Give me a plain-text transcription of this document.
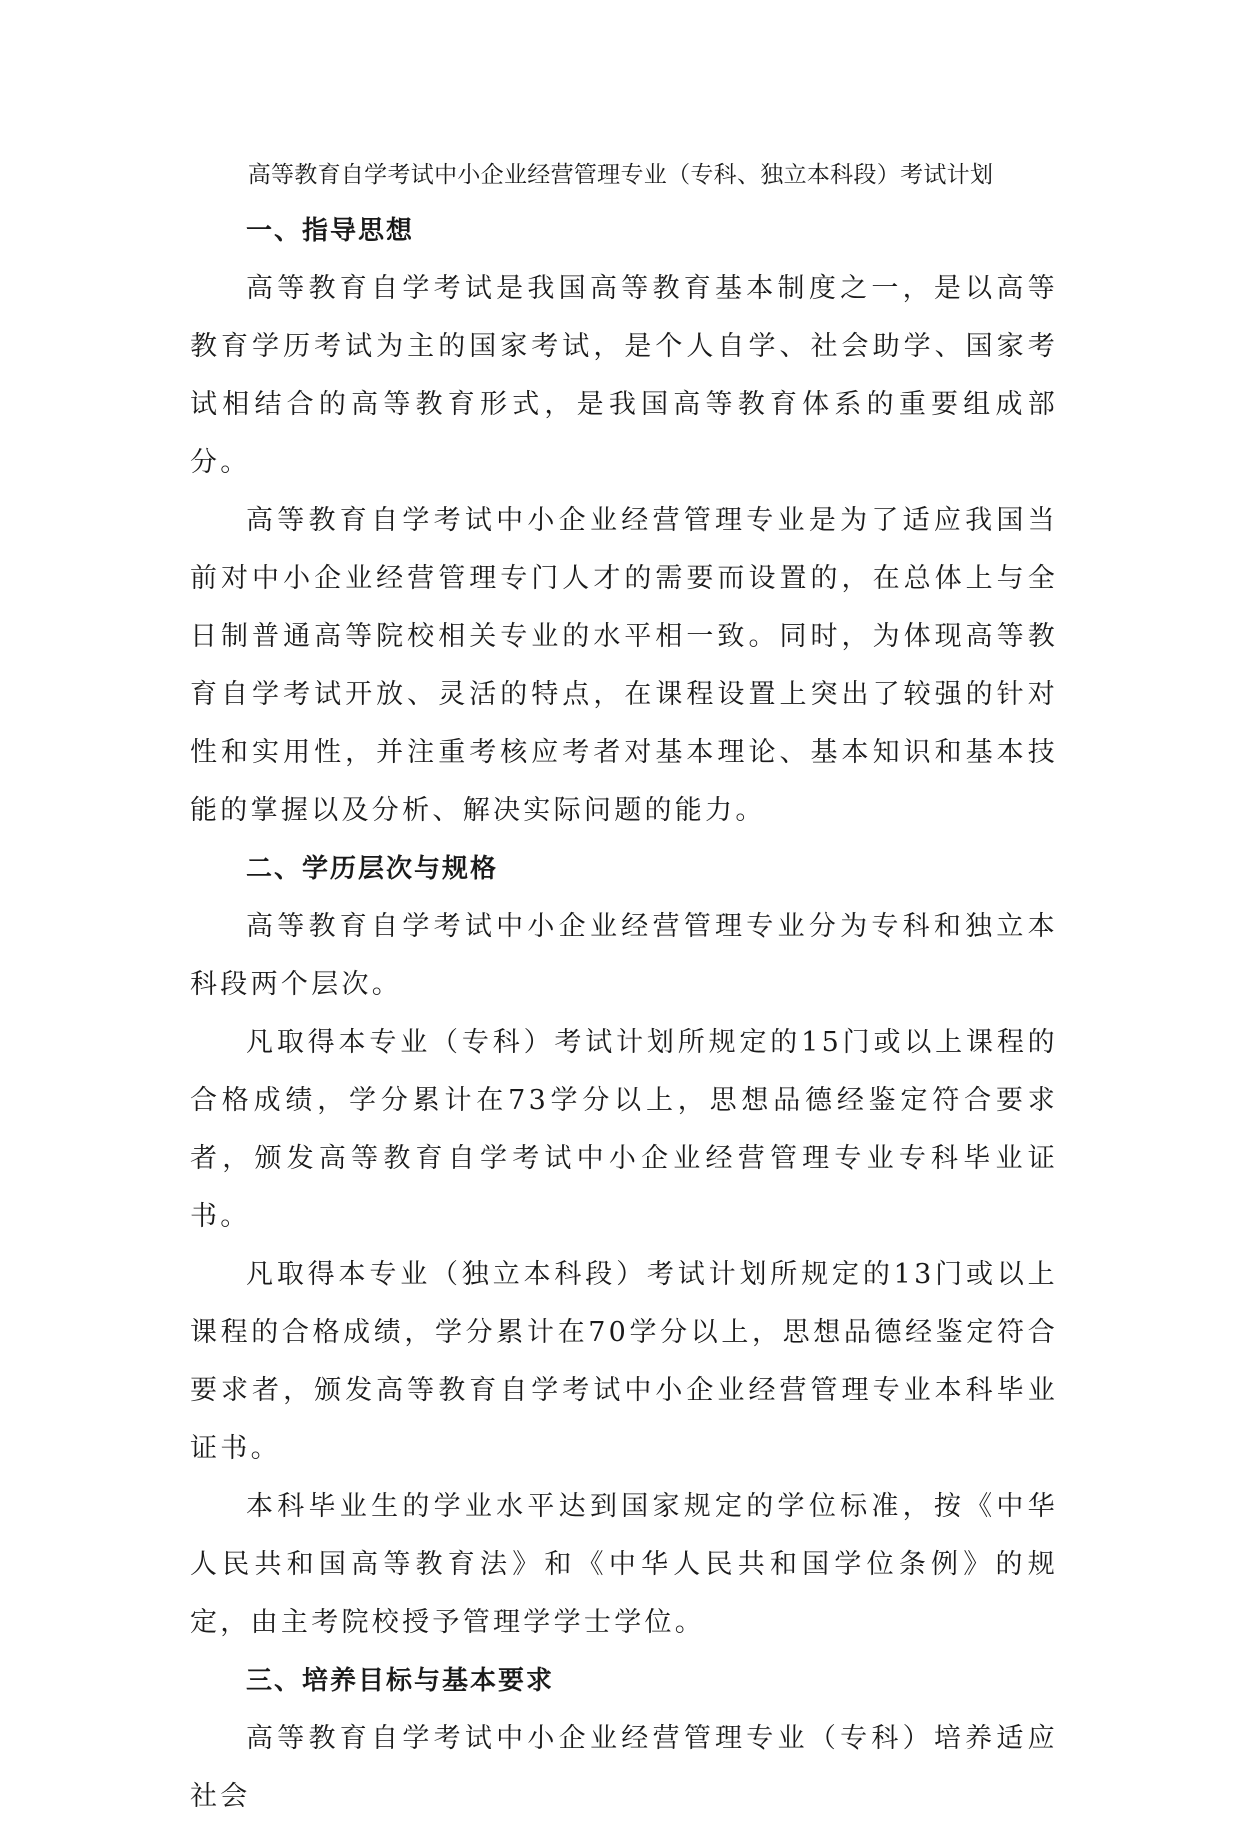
高等教育自学考试中小企业经营管理专业（专科、独立本科段）考试计划
一、指导思想

高等教育自学考试是我国高等教育基本制度之一，是以高等教育学历考试为主的国家考试，是个人自学、社会助学、国家考试相结合的高等教育形式，是我国高等教育体系的重要组成部分。

高等教育自学考试中小企业经营管理专业是为了适应我国当前对中小企业经营管理专门人才的需要而设置的，在总体上与全日制普通高等院校相关专业的水平相一致。同时，为体现高等教育自学考试开放、灵活的特点，在课程设置上突出了较强的针对性和实用性，并注重考核应考者对基本理论、基本知识和基本技能的掌握以及分析、解决实际问题的能力。

二、学历层次与规格

高等教育自学考试中小企业经营管理专业分为专科和独立本科段两个层次。

凡取得本专业（专科）考试计划所规定的15门或以上课程的合格成绩，学分累计在73学分以上，思想品德经鉴定符合要求者，颁发高等教育自学考试中小企业经营管理专业专科毕业证书。

凡取得本专业（独立本科段）考试计划所规定的13门或以上课程的合格成绩，学分累计在70学分以上，思想品德经鉴定符合要求者，颁发高等教育自学考试中小企业经营管理专业本科毕业证书。

本科毕业生的学业水平达到国家规定的学位标准，按《中华人民共和国高等教育法》和《中华人民共和国学位条例》的规定，由主考院校授予管理学学士学位。

三、培养目标与基本要求

高等教育自学考试中小企业经营管理专业（专科）培养适应社会
